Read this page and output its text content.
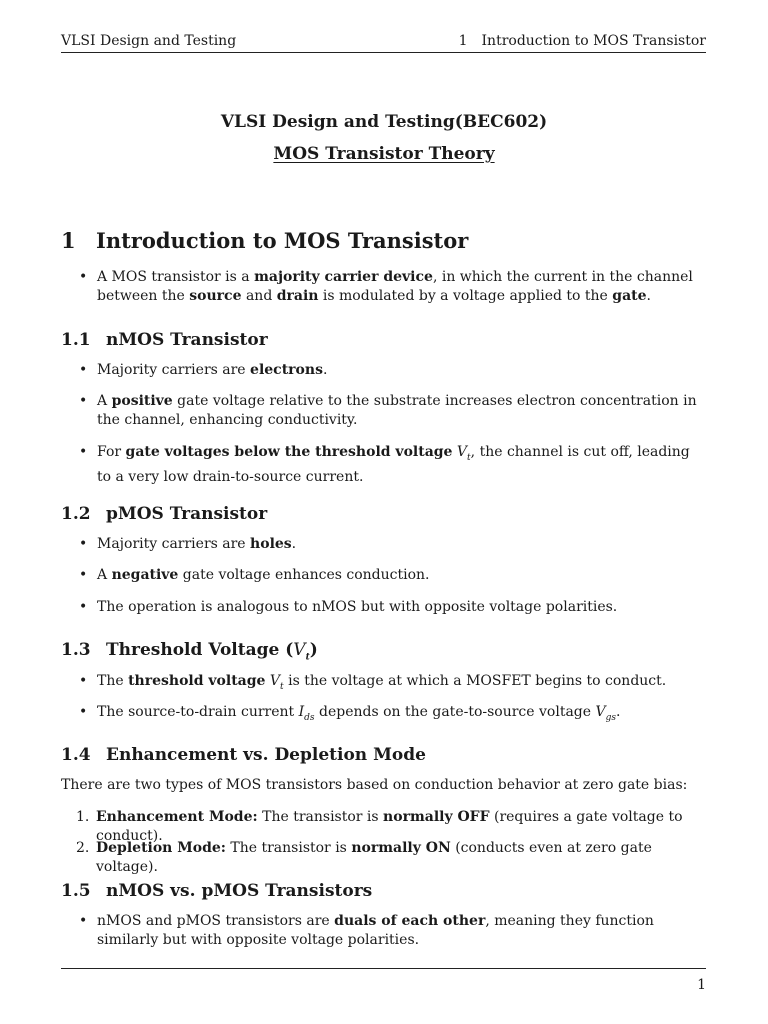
VLSI Design and Testing	1 Introduction to MOS Transistor
VLSI Design and Testing(BEC602)
MOS Transistor Theory
1 Introduction to MOS Transistor
• A MOS transistor is a majority carrier device, in which the current in the channel between the source and drain is modulated by a voltage applied to the gate.
1.1 nMOS Transistor
• Majority carriers are electrons.
• A positive gate voltage relative to the substrate increases electron concentration in the channel, enhancing conductivity.
• For gate voltages below the threshold voltage $V_t$, the channel is cut off, leading to a very low drain-to-source current.
1.2 pMOS Transistor
• Majority carriers are holes.
• A negative gate voltage enhances conduction.
• The operation is analogous to nMOS but with opposite voltage polarities.
1.3 Threshold Voltage $(V_t)$
• The threshold voltage $V_t$ is the voltage at which a MOSFET begins to conduct.
• The source-to-drain current $I_{ds}$ depends on the gate-to-source voltage $V_{gs}$.
1.4 Enhancement vs. Depletion Mode
There are two types of MOS transistors based on conduction behavior at zero gate bias:
1. Enhancement Mode: The transistor is normally OFF (requires a gate voltage to conduct).
2. Depletion Mode: The transistor is normally ON (conducts even at zero gate voltage).
1.5 nMOS vs. pMOS Transistors
• nMOS and pMOS transistors are duals of each other, meaning they function similarly but with opposite voltage polarities.
1
